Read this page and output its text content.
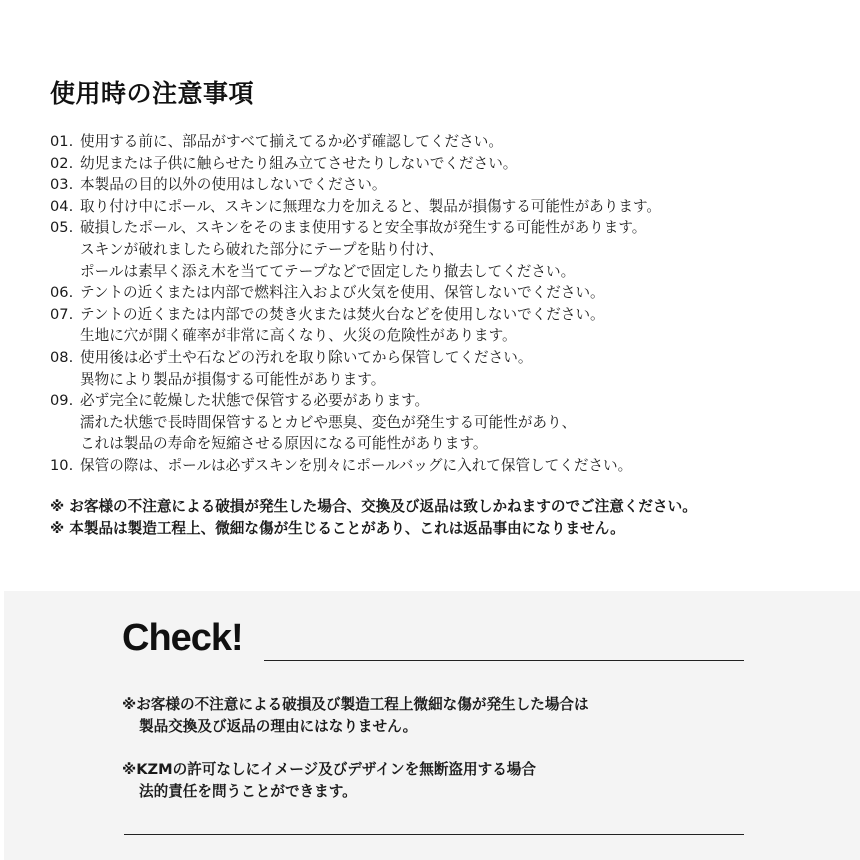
使用時の注意事項
01. 使用する前に、部品がすべて揃えてるか必ず確認してください。
02. 幼児または子供に触らせたり組み立てさせたりしないでください。
03. 本製品の目的以外の使用はしないでください。
04. 取り付け中にポール、スキンに無理な力を加えると、製品が損傷する可能性があります。
05. 破損したポール、スキンをそのまま使用すると安全事故が発生する可能性があります。
スキンが破れましたら破れた部分にテープを貼り付け、
ポールは素早く添え木を当ててテープなどで固定したり撤去してください。
06. テントの近くまたは内部で燃料注入および火気を使用、保管しないでください。
07. テントの近くまたは内部での焚き火または焚火台などを使用しないでください。
生地に穴が開く確率が非常に高くなり、火災の危険性があります。
08. 使用後は必ず土や石などの汚れを取り除いてから保管してください。
異物により製品が損傷する可能性があります。
09. 必ず完全に乾燥した状態で保管する必要があります。
濡れた状態で長時間保管するとカビや悪臭、変色が発生する可能性があり、
これは製品の寿命を短縮させる原因になる可能性があります。
10. 保管の際は、ポールは必ずスキンを別々にポールバッグに入れて保管してください。
※ お客様の不注意による破損が発生した場合、交換及び返品は致しかねますのでご注意ください。
※ 本製品は製造工程上、微細な傷が生じることがあり、これは返品事由になりません。
Check!
※お客様の不注意による破損及び製造工程上微細な傷が発生した場合は
製品交換及び返品の理由にはなりません。
※KZMの許可なしにイメージ及びデザインを無断盗用する場合
法的責任を問うことができます。
